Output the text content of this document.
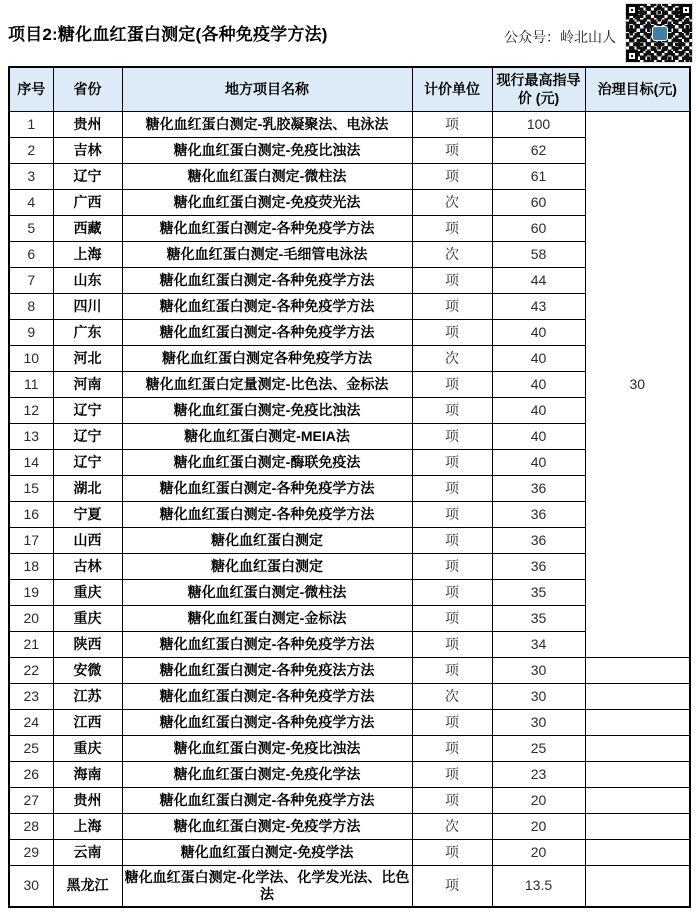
项目2:糖化血红蛋白测定(各种免疫学方法)	公众号：岭北山人
序号	省份	地方项目名称	计价单位	现行最高指导价 (元)	治理目标(元)
1	贵州	糖化血红蛋白测定-乳胶凝聚法、电泳法	项	100	30
2	吉林	糖化血红蛋白测定-免疫比浊法	项	62	
3	辽宁	糖化血红蛋白测定-微柱法	项	61	
4	广西	糖化血红蛋白测定-免疫荧光法	次	60	
5	西藏	糖化血红蛋白测定-各种免疫学方法	项	60	
6	上海	糖化血红蛋白测定-毛细管电泳法	次	58	
7	山东	糖化血红蛋白测定-各种免疫学方法	项	44	
8	四川	糖化血红蛋白测定-各种免疫学方法	项	43	
9	广东	糖化血红蛋白测定-各种免疫学方法	项	40	
10	河北	糖化血红蛋白测定各种免疫学方法	次	40	
11	河南	糖化血红蛋白定量测定-比色法、金标法	项	40	
12	辽宁	糖化血红蛋白测定-免疫比浊法	项	40	
13	辽宁	糖化血红蛋白测定-MEIA法	项	40	
14	辽宁	糖化血红蛋白测定-酶联免疫法	项	40	
15	湖北	糖化血红蛋白测定-各种免疫学方法	项	36	
16	宁夏	糖化血红蛋白测定-各种免疫学方法	项	36	
17	山西	糖化血红蛋白测定	项	36	
18	古林	糖化血红蛋白测定	项	36	
19	重庆	糖化血红蛋白测定-微柱法	项	35	
20	重庆	糖化血红蛋白测定-金标法	项	35	
21	陕西	糖化血红蛋白测定-各种免疫学方法	项	34	
22	安微	糖化血红蛋白测定-各种免疫法方法	项	30	
23	江苏	糖化血红蛋白测定-各种免疫学方法	次	30	
24	江西	糖化血红蛋白测定-各种免疫学方法	项	30	
25	重庆	糖化血红蛋白测定-免疫比浊法	项	25	
26	海南	糖化血红蛋白测定-免疫化学法	项	23	
27	贵州	糖化血红蛋白测定-各种免疫学方法	项	20	
28	上海	糖化血红蛋白测定-免疫学方法	次	20	
29	云南	糖化血红蛋白测定-免疫学法	项	20	
30	黑龙江	糖化血红蛋白测定-化学法、化学发光法、比色法	项	13.5	
